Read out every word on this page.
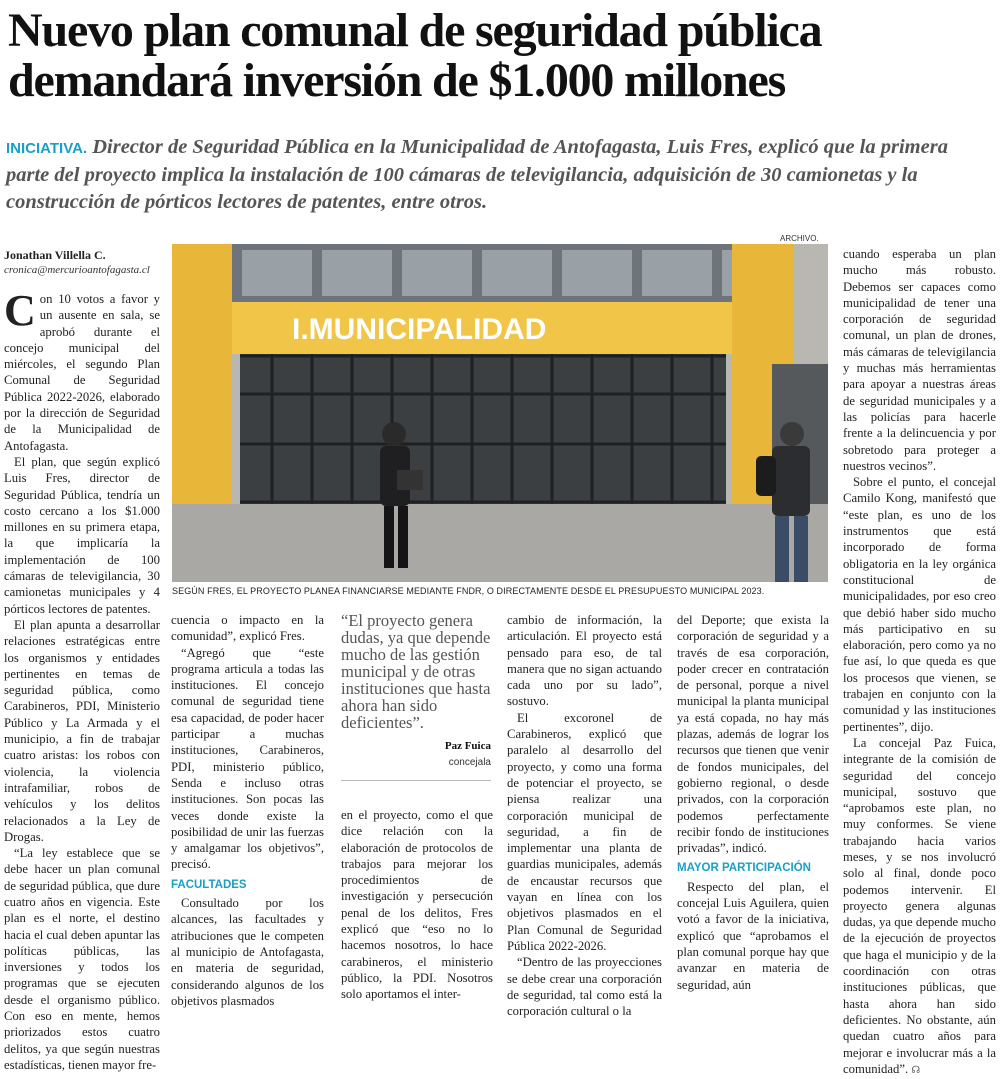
Nuevo plan comunal de seguridad pública demandará inversión de $1.000 millones
INICIATIVA. Director de Seguridad Pública en la Municipalidad de Antofagasta, Luis Fres, explicó que la primera parte del proyecto implica la instalación de 100 cámaras de televigilancia, adquisición de 30 camionetas y la construcción de pórticos lectores de patentes, entre otros.
Jonathan Villella C.
cronica@mercurioantofagasta.cl

Con 10 votos a favor y un ausente en sala, se aprobó durante el concejo municipal del miércoles, el segundo Plan Comunal de Seguridad Pública 2022-2026, elaborado por la dirección de Seguridad de la Municipalidad de Antofagasta.

El plan, que según explicó Luis Fres, director de Seguridad Pública, tendría un costo cercano a los $1.000 millones en su primera etapa, la que implicaría la implementación de 100 cámaras de televigilancia, 30 camionetas municipales y 4 pórticos lectores de patentes.

El plan apunta a desarrollar relaciones estratégicas entre los organismos y entidades pertinentes en temas de seguridad pública, como Carabineros, PDI, Ministerio Público y La Armada y el municipio, a fin de trabajar cuatro aristas: los robos con violencia, la violencia intrafamiliar, robos de vehículos y los delitos relacionados a la Ley de Drogas.

“La ley establece que se debe hacer un plan comunal de seguridad pública, que dure cuatro años en vigencia. Este plan es el norte, el destino hacia el cual deben apuntar las políticas públicas, las inversiones y todos los programas que se ejecuten desde el organismo público. Con eso en mente, hemos priorizados estos cuatro delitos, ya que según nuestras estadísticas, tienen mayor fre-

ARCHIVO.
I.MUNICIPALIDAD
SEGÚN FRES, EL PROYECTO PLANEA FINANCIARSE MEDIANTE FNDR, O DIRECTAMENTE DESDE EL PRESUPUESTO MUNICIPAL 2023.

cuencia o impacto en la comunidad”, explicó Fres.

“Agregó que “este programa articula a todas las instituciones. El concejo comunal de seguridad tiene esa capacidad, de poder hacer participar a muchas instituciones, Carabineros, PDI, ministerio público, Senda e incluso otras instituciones. Son pocas las veces donde existe la posibilidad de unir las fuerzas y amalgamar los objetivos”, precisó.

FACULTADES

Consultado por los alcances, las facultades y atribuciones que le competen al municipio de Antofagasta, en materia de seguridad, considerando algunos de los objetivos plasmados

“El proyecto genera dudas, ya que depende mucho de las gestión municipal y de otras instituciones que hasta ahora han sido deficientes”.
Paz Fuica
concejala

en el proyecto, como el que dice relación con la elaboración de protocolos de trabajos para mejorar los procedimientos de investigación y persecución penal de los delitos, Fres explicó que “eso no lo hacemos nosotros, lo hace carabineros, el ministerio público, la PDI. Nosotros solo aportamos el inter-

cambio de información, la articulación. El proyecto está pensado para eso, de tal manera que no sigan actuando cada uno por su lado”, sostuvo.

El excoronel de Carabineros, explicó que paralelo al desarrollo del proyecto, y como una forma de potenciar el proyecto, se piensa realizar una corporación municipal de seguridad, a fin de implementar una planta de guardias municipales, además de encaustar recursos que vayan en línea con los objetivos plasmados en el Plan Comunal de Seguridad Pública 2022-2026.

“Dentro de las proyecciones se debe crear una corporación de seguridad, tal como está la corporación cultural o la

del Deporte; que exista la corporación de seguridad y a través de esa corporación, poder crecer en contratación de personal, porque a nivel municipal la planta municipal ya está copada, no hay más plazas, además de lograr los recursos que tienen que venir de fondos municipales, del gobierno regional, o desde privados, con la corporación podemos perfectamente recibir fondo de instituciones privadas”, indicó.

MAYOR PARTICIPACIÓN

Respecto del plan, el concejal Luis Aguilera, quien votó a favor de la iniciativa, explicó que “aprobamos el plan comunal porque hay que avanzar en materia de seguridad, aún

cuando esperaba un plan mucho más robusto. Debemos ser capaces como municipalidad de tener una corporación de seguridad comunal, un plan de drones, más cámaras de televigilancia y muchas más herramientas para apoyar a nuestras áreas de seguridad municipales y a las policías para hacerle frente a la delincuencia y por sobretodo para proteger a nuestros vecinos”.

Sobre el punto, el concejal Camilo Kong, manifestó que “este plan, es uno de los instrumentos que está incorporado de forma obligatoria en la ley orgánica constitucional de municipalidades, por eso creo que debió haber sido mucho más participativo en su elaboración, pero como ya no fue así, lo que queda es que los procesos que vienen, se trabajen en conjunto con la comunidad y las instituciones pertinentes”, dijo.

La concejal Paz Fuica, integrante de la comisión de seguridad del concejo municipal, sostuvo que “aprobamos este plan, no muy conformes. Se viene trabajando hacia varios meses, y se nos involucró solo al final, donde poco podemos intervenir. El proyecto genera algunas dudas, ya que depende mucho de la ejecución de proyectos que haga el municipio y de la coordinación con otras instituciones públicas, que hasta ahora han sido deficientes. No obstante, aún quedan cuatro años para mejorar e involucrar más a la comunidad”. ☊
